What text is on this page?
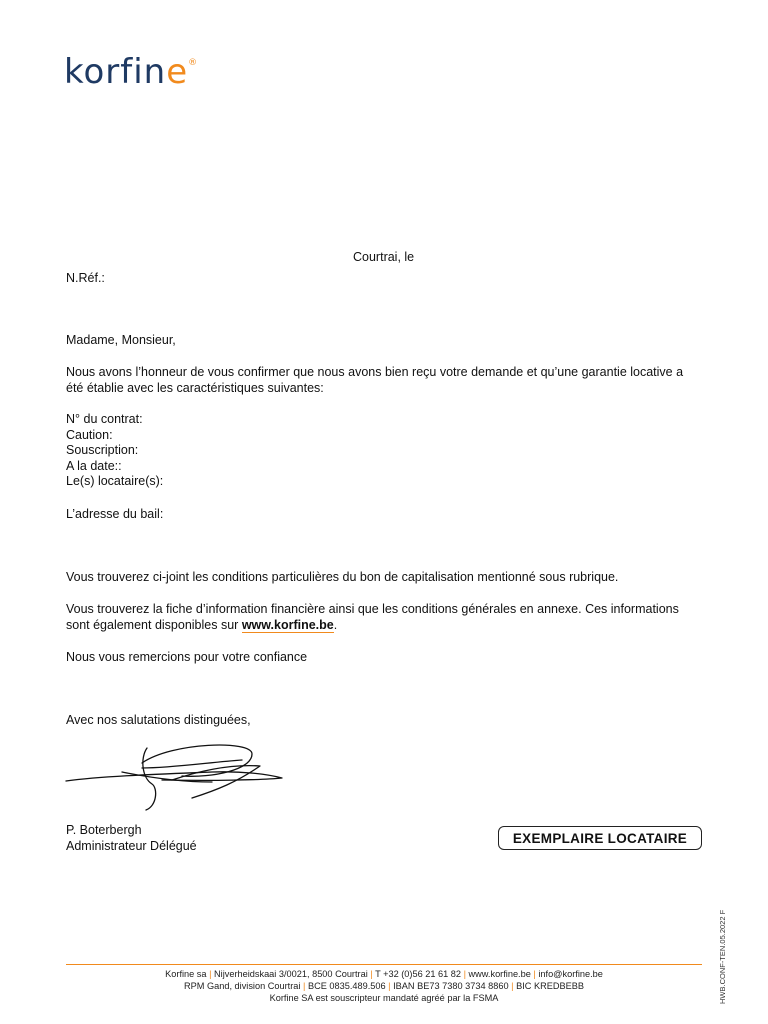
korfine®
Courtrai, le
N.Réf.:
Madame, Monsieur,
Nous avons l’honneur de vous confirmer que nous avons bien reçu votre demande et qu’une garantie locative a
été établie avec les caractéristiques suivantes:
N° du contrat:
Caution:
Souscription:
A la date::
Le(s) locataire(s):
L’adresse du bail:
Vous trouverez ci-joint les conditions particulières du bon de capitalisation mentionné sous rubrique.
Vous trouverez la fiche d’information financière ainsi que les conditions générales en annexe. Ces informations
sont également disponibles sur www.korfine.be.
Nous vous remercions pour votre confiance
Avec nos salutations distinguées,
P. Boterbergh
Administrateur Délégué
EXEMPLAIRE LOCATAIRE
HWB.CONF-TEN.05.2022 F
Korfine sa | Nijverheidskaai 3/0021, 8500 Courtrai | T +32 (0)56 21 61 82 | www.korfine.be | info@korfine.be
RPM Gand, division Courtrai | BCE 0835.489.506 | IBAN BE73 7380 3734 8860 | BIC KREDBEBB
Korfine SA est souscripteur mandaté agréé par la FSMA
